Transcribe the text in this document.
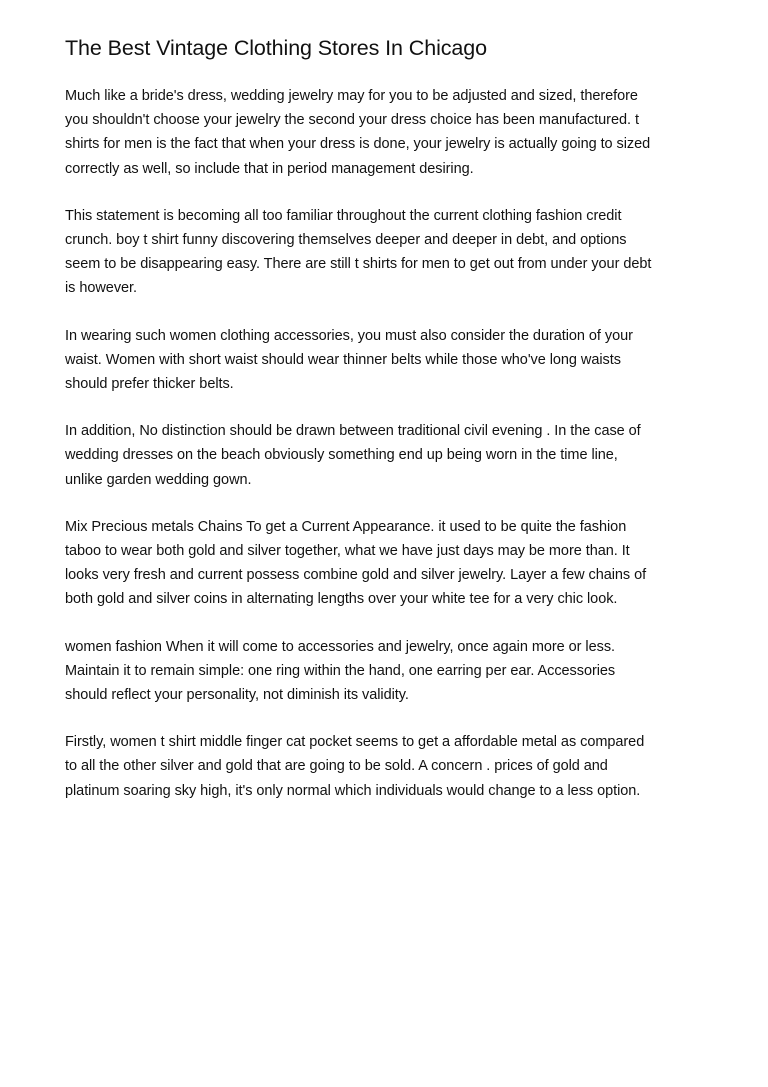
The Best Vintage Clothing Stores In Chicago

Much like a bride's dress, wedding jewelry may for you to be adjusted and sized, therefore
you shouldn't choose your jewelry the second your dress choice has been manufactured. t
shirts for men is the fact that when your dress is done, your jewelry is actually going to sized
correctly as well, so include that in period management desiring.

This statement is becoming all too familiar throughout the current clothing fashion credit
crunch. boy t shirt funny discovering themselves deeper and deeper in debt, and options
seem to be disappearing easy. There are still t shirts for men to get out from under your debt
is however.

In wearing such women clothing accessories, you must also consider the duration of your
waist. Women with short waist should wear thinner belts while those who've long waists
should prefer thicker belts.

In addition, No distinction should be drawn between traditional civil evening . In the case of
wedding dresses on the beach obviously something end up being worn in the time line,
unlike garden wedding gown.

Mix Precious metals Chains To get a Current Appearance. it used to be quite the fashion
taboo to wear both gold and silver together, what we have just days may be more than. It
looks very fresh and current possess combine gold and silver jewelry. Layer a few chains of
both gold and silver coins in alternating lengths over your white tee for a very chic look.

women fashion When it will come to accessories and jewelry, once again more or less.
Maintain it to remain simple: one ring within the hand, one earring per ear. Accessories
should reflect your personality, not diminish its validity.

Firstly, women t shirt middle finger cat pocket seems to get a affordable metal as compared
to all the other silver and gold that are going to be sold. A concern . prices of gold and
platinum soaring sky high, it's only normal which individuals would change to a less option.
